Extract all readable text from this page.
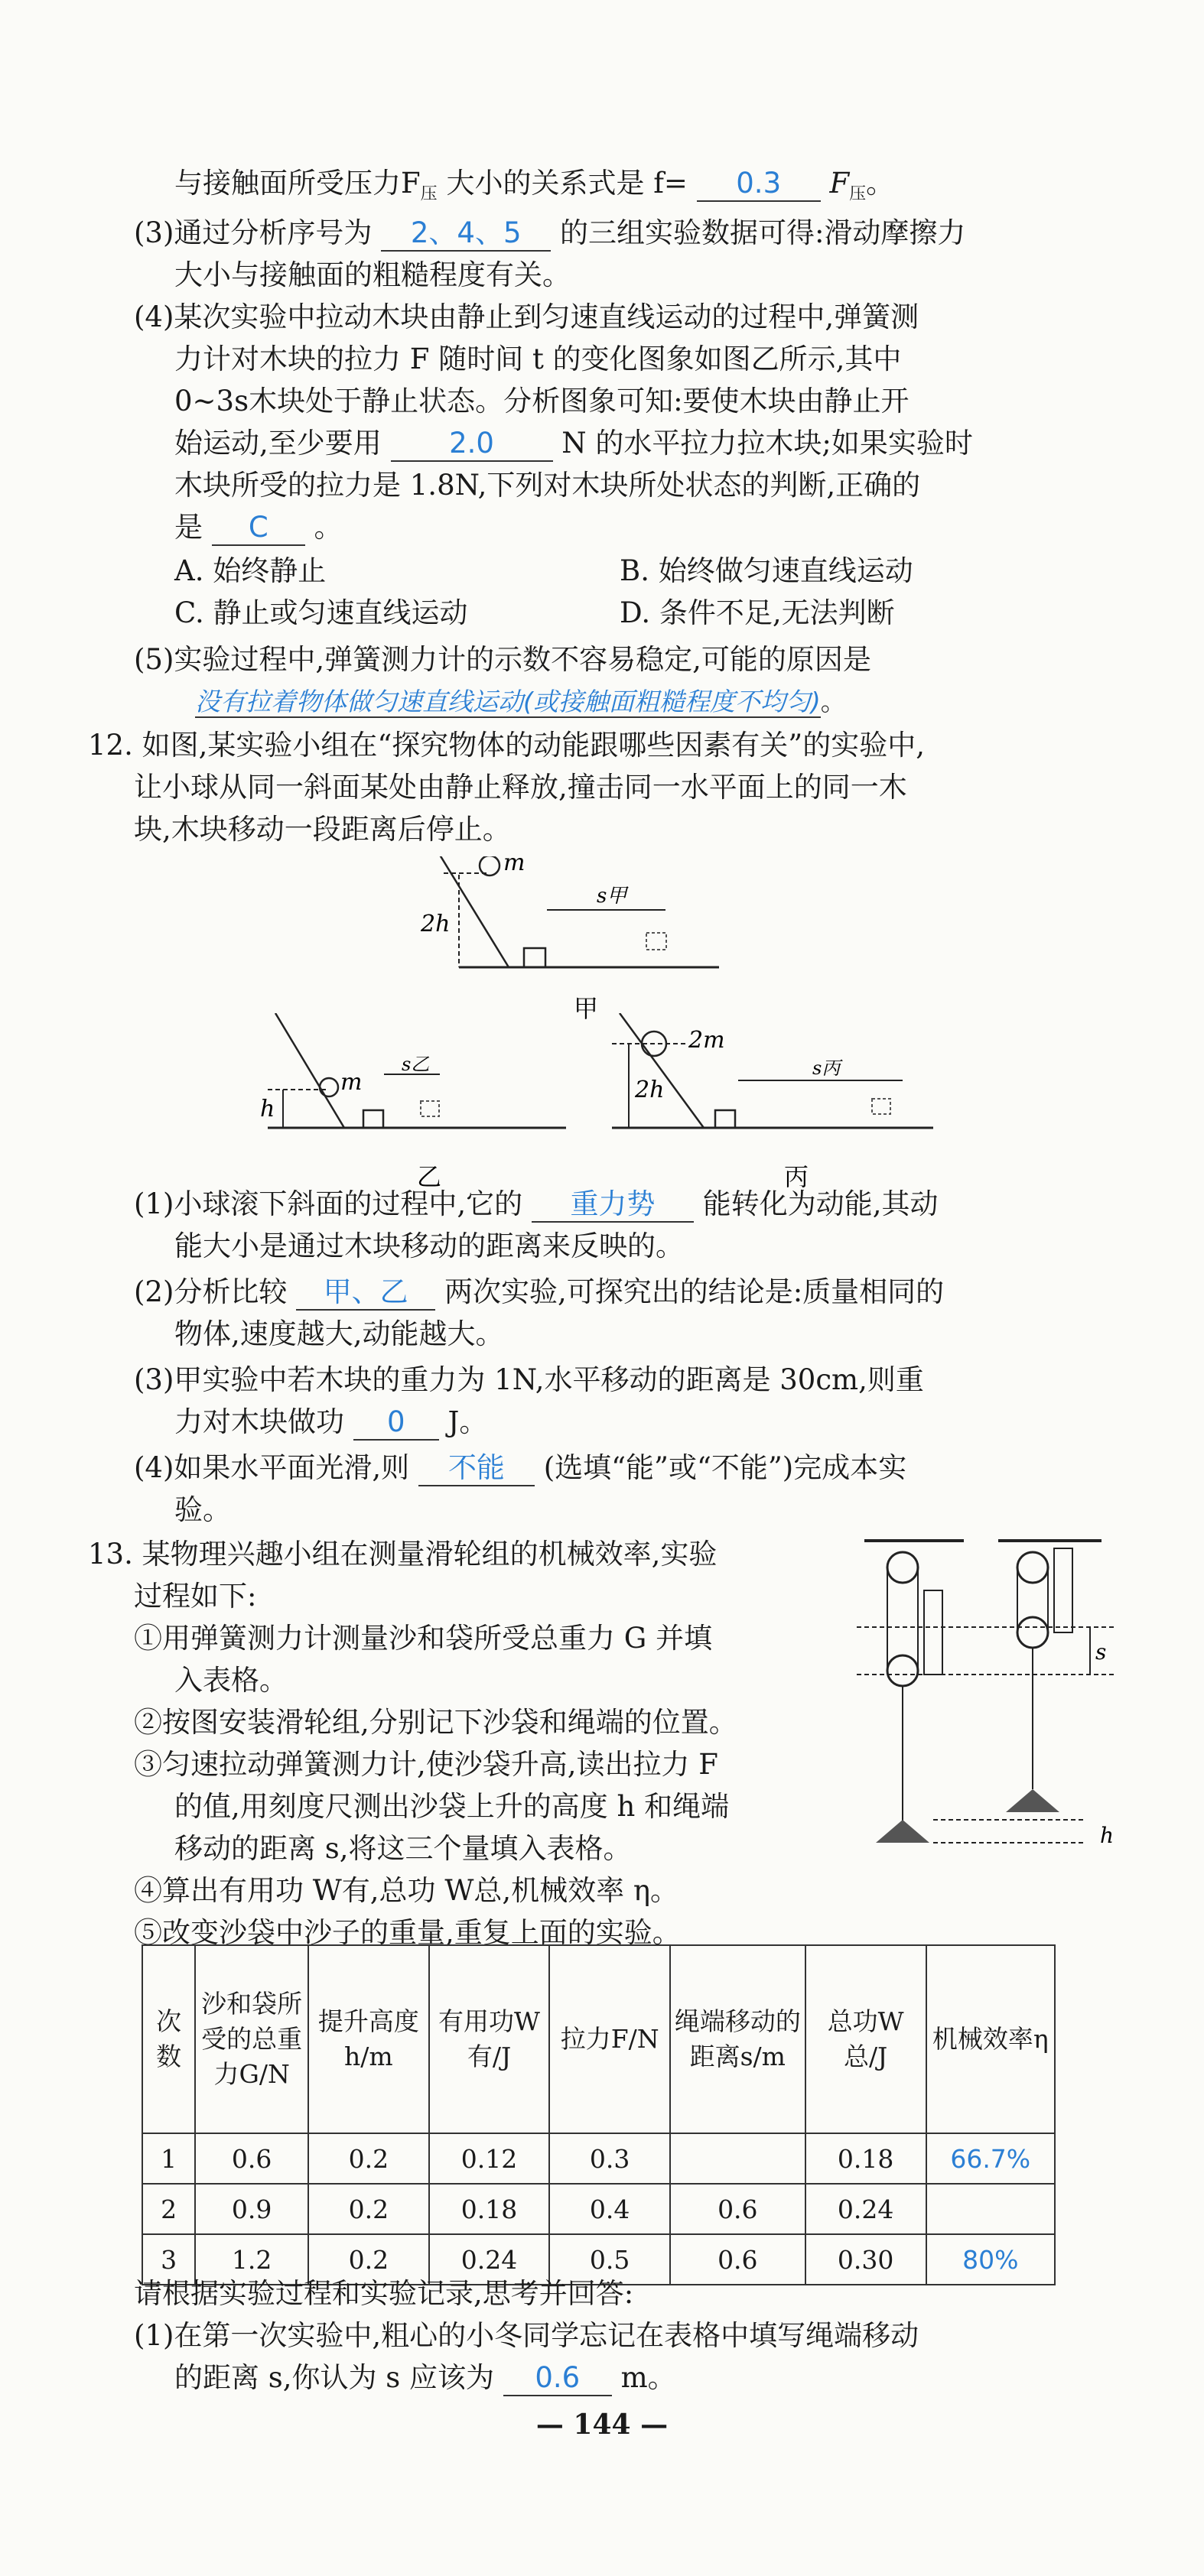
与接触面所受压力$F_压$ 大小的关系式是 f= 0.3 $F_压$。
(3)通过分析序号为 2、4、5 的三组实验数据可得:滑动摩擦力
大小与接触面的粗糙程度有关。
(4)某次实验中拉动木块由静止到匀速直线运动的过程中,弹簧测
力计对木块的拉力 F 随时间 t 的变化图象如图乙所示,其中
0~3s木块处于静止状态。分析图象可知:要使木块由静止开
始运动,至少要用 2.0 N 的水平拉力拉木块;如果实验时
木块所受的拉力是 1.8N,下列对木块所处状态的判断,正确的
是 C 。
A. 始终静止	B. 始终做匀速直线运动
C. 静止或匀速直线运动	D. 条件不足,无法判断
(5)实验过程中,弹簧测力计的示数不容易稳定,可能的原因是
没有拉着物体做匀速直线运动(或接触面粗糙程度不均匀)。
12. 如图,某实验小组在“探究物体的动能跟哪些因素有关”的实验中,
让小球从同一斜面某处由静止释放,撞击同一水平面上的同一木
块,木块移动一段距离后停止。
m
2h
s甲
甲
m
h
s乙
乙
2m
2h
s丙
丙
(1)小球滚下斜面的过程中,它的 重力势 能转化为动能,其动
能大小是通过木块移动的距离来反映的。
(2)分析比较 甲、乙 两次实验,可探究出的结论是:质量相同的
物体,速度越大,动能越大。
(3)甲实验中若木块的重力为 1N,水平移动的距离是 30cm,则重
力对木块做功 0 J。
(4)如果水平面光滑,则 不能 (选填“能”或“不能”)完成本实
验。
13. 某物理兴趣小组在测量滑轮组的机械效率,实验
过程如下:
①用弹簧测力计测量沙和袋所受总重力 G 并填
入表格。
②按图安装滑轮组,分别记下沙袋和绳端的位置。
③匀速拉动弹簧测力计,使沙袋升高,读出拉力 F
的值,用刻度尺测出沙袋上升的高度 h 和绳端
移动的距离 s,将这三个量填入表格。
④算出有用功 W有,总功 W总,机械效率 η。
⑤改变沙袋中沙子的重量,重复上面的实验。
s
h
次数	沙和袋所受的总重力G/N	提升高度h/m	有用功W有/J	拉力F/N	绳端移动的距离s/m	总功W总/J	机械效率η
1	0.6	0.2	0.12	0.3		0.18	66.7%
2	0.9	0.2	0.18	0.4	0.6	0.24	
3	1.2	0.2	0.24	0.5	0.6	0.30	80%
请根据实验过程和实验记录,思考并回答:
(1)在第一次实验中,粗心的小冬同学忘记在表格中填写绳端移动
的距离 s,你认为 s 应该为 0.6 m。
— 144 —
